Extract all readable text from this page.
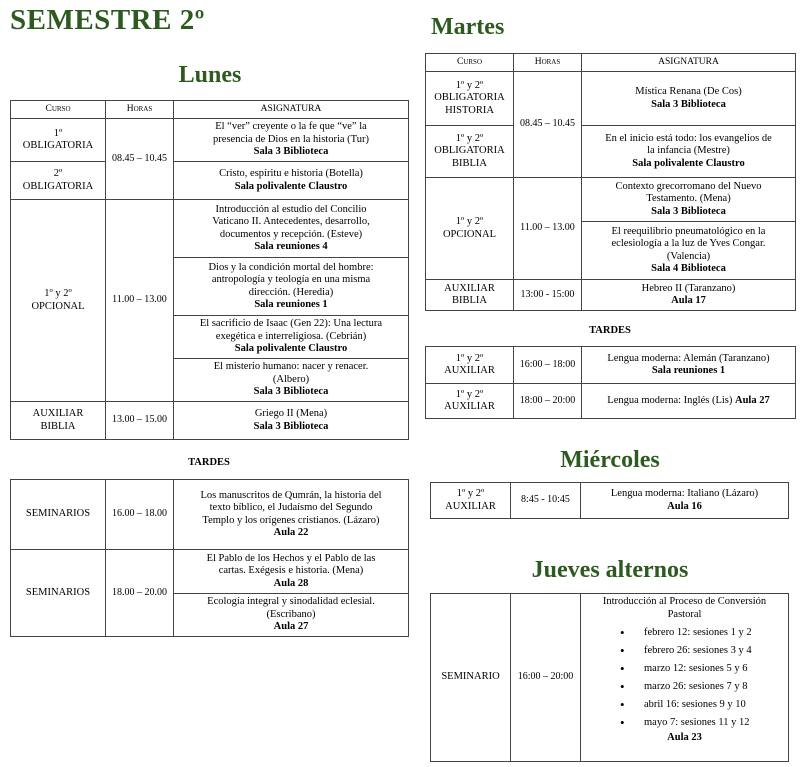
SEMESTRE 2º
Lunes
Curso	Horas	ASIGNATURA
1º
OBLIGATORIA	08.45 – 10.45	El “ver” creyente o la fe que “ve” la
presencia de Dios en la historia (Tur)
Sala 3 Biblioteca

2º
OBLIGATORIA		Cristo, espíritu e historia (Botella)
Sala polivalente Claustro

1º y 2º
OPCIONAL	11.00 – 13.00	Introducción al estudio del Concilio
Vaticano II. Antecedentes, desarrollo,
documentos y recepción. (Esteve)
Sala reuniones 4

		Dios y la condición mortal del hombre:
antropología y teología en una misma
dirección. (Heredia)
Sala reuniones 1

		El sacrificio de Isaac (Gen 22): Una lectura
exegética e interreligiosa. (Cebrián)
Sala polivalente Claustro

		El misterio humano: nacer y renacer.
(Albero)
Sala 3 Biblioteca

AUXILIAR
BIBLIA	13.00 – 15.00	Griego II (Mena)
Sala 3 Biblioteca
TARDES
SEMINARIOS	16.00 – 18.00	Los manuscritos de Qumrán, la historia del
texto bíblico, el Judaísmo del Segundo
Templo y los orígenes cristianos. (Lázaro)
Aula 22

SEMINARIOS	18.00 – 20.00	El Pablo de los Hechos y el Pablo de las
cartas. Exégesis e historia. (Mena)
Aula 28

		Ecología integral y sinodalidad eclesial.
(Escribano)
Aula 27
Martes
Curso	Horas	ASIGNATURA
1º y 2º
OBLIGATORIA
HISTORIA	08.45 – 10.45	Mística Renana (De Cos)
Sala 3 Biblioteca

1º y 2º
OBLIGATORIA
BIBLIA		En el inicio está todo: los evangelios de
la infancia (Mestre)
Sala polivalente Claustro

1º y 2º
OPCIONAL	11.00 – 13.00	Contexto grecorromano del Nuevo
Testamento. (Mena)
Sala 3 Biblioteca

		El reequilibrio pneumatológico en la
eclesiología a la luz de Yves Congar.
(Valencia)
Sala 4 Biblioteca

AUXILIAR
BIBLIA	13:00 - 15:00	Hebreo II (Taranzano)
Aula 17
TARDES
1º y 2º
AUXILIAR	16:00 – 18:00	Lengua moderna: Alemán (Taranzano)
Sala reuniones 1

1º y 2º
AUXILIAR	18:00 – 20:00	Lengua moderna: Inglés (Lis) Aula 27
Miércoles
1º y 2º
AUXILIAR	8:45 - 10:45	Lengua moderna: Italiano (Lázaro)
Aula 16
Jueves alternos
SEMINARIO	16:00 – 20:00	Introducción al Proceso de Conversión
Pastoral
• febrero 12: sesiones 1 y 2
• febrero 26: sesiones 3 y 4
• marzo 12: sesiones 5 y 6
• marzo 26: sesiones 7 y 8
• abril 16: sesiones 9 y 10
• mayo 7: sesiones 11 y 12
Aula 23
